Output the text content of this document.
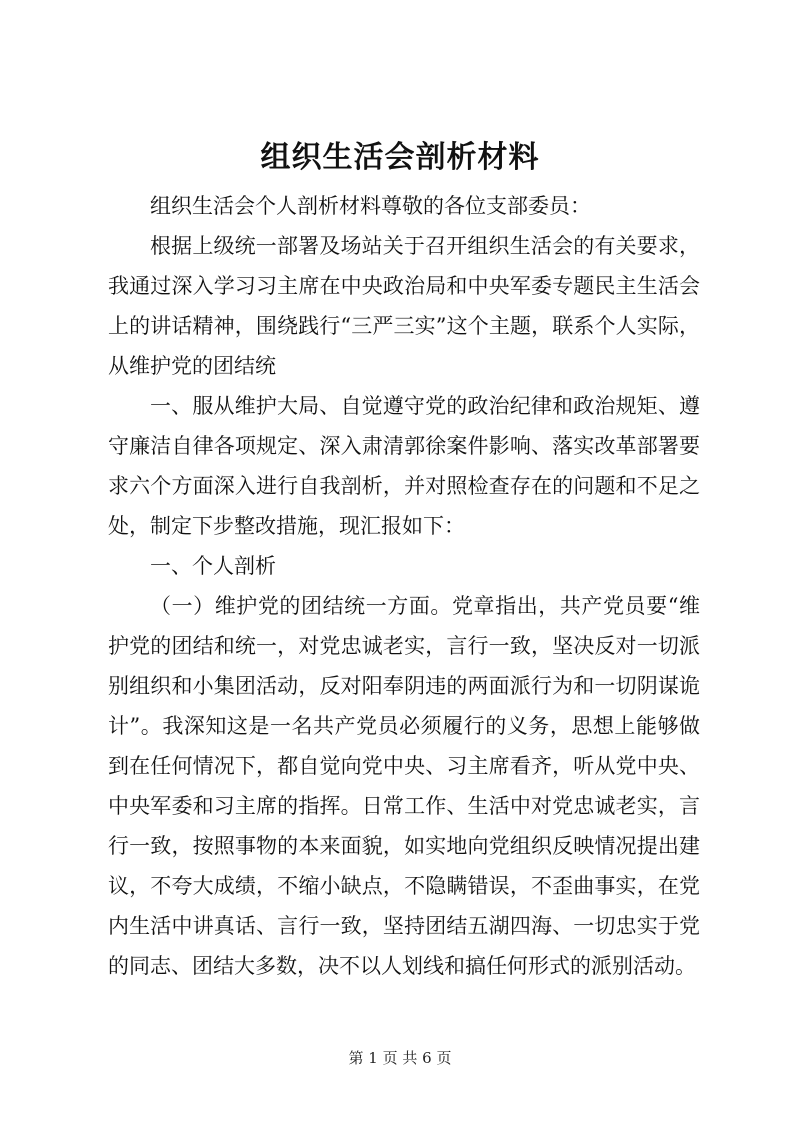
组织生活会剖析材料

组织生活会个人剖析材料尊敬的各位支部委员：

根据上级统一部署及场站关于召开组织生活会的有关要求，我通过深入学习习主席在中央政治局和中央军委专题民主生活会上的讲话精神，围绕践行“三严三实”这个主题，联系个人实际，从维护党的团结统

一、服从维护大局、自觉遵守党的政治纪律和政治规矩、遵守廉洁自律各项规定、深入肃清郭徐案件影响、落实改革部署要求六个方面深入进行自我剖析，并对照检查存在的问题和不足之处，制定下步整改措施，现汇报如下：

一、个人剖析

（一）维护党的团结统一方面。党章指出，共产党员要“维护党的团结和统一，对党忠诚老实，言行一致，坚决反对一切派别组织和小集团活动，反对阳奉阴违的两面派行为和一切阴谋诡计”。我深知这是一名共产党员必须履行的义务，思想上能够做到在任何情况下，都自觉向党中央、习主席看齐，听从党中央、中央军委和习主席的指挥。日常工作、生活中对党忠诚老实，言行一致，按照事物的本来面貌，如实地向党组织反映情况提出建议，不夸大成绩，不缩小缺点，不隐瞒错误，不歪曲事实，在党内生活中讲真话、言行一致，坚持团结五湖四海、一切忠实于党的同志、团结大多数，决不以人划线和搞任何形式的派别活动。

第 1 页 共 6 页
